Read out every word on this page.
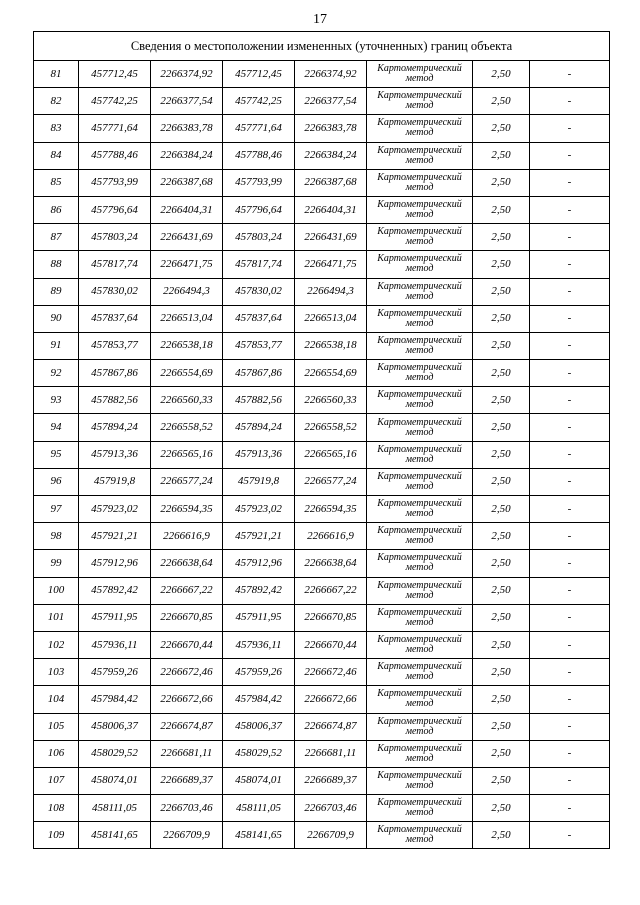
17
Сведения о местоположении измененных (уточненных) границ объекта							
81	457712,45	2266374,92	457712,45	2266374,92	Картометрический
метод	2,50	-
82	457742,25	2266377,54	457742,25	2266377,54	Картометрический
метод	2,50	-
83	457771,64	2266383,78	457771,64	2266383,78	Картометрический
метод	2,50	-
84	457788,46	2266384,24	457788,46	2266384,24	Картометрический
метод	2,50	-
85	457793,99	2266387,68	457793,99	2266387,68	Картометрический
метод	2,50	-
86	457796,64	2266404,31	457796,64	2266404,31	Картометрический
метод	2,50	-
87	457803,24	2266431,69	457803,24	2266431,69	Картометрический
метод	2,50	-
88	457817,74	2266471,75	457817,74	2266471,75	Картометрический
метод	2,50	-
89	457830,02	2266494,3	457830,02	2266494,3	Картометрический
метод	2,50	-
90	457837,64	2266513,04	457837,64	2266513,04	Картометрический
метод	2,50	-
91	457853,77	2266538,18	457853,77	2266538,18	Картометрический
метод	2,50	-
92	457867,86	2266554,69	457867,86	2266554,69	Картометрический
метод	2,50	-
93	457882,56	2266560,33	457882,56	2266560,33	Картометрический
метод	2,50	-
94	457894,24	2266558,52	457894,24	2266558,52	Картометрический
метод	2,50	-
95	457913,36	2266565,16	457913,36	2266565,16	Картометрический
метод	2,50	-
96	457919,8	2266577,24	457919,8	2266577,24	Картометрический
метод	2,50	-
97	457923,02	2266594,35	457923,02	2266594,35	Картометрический
метод	2,50	-
98	457921,21	2266616,9	457921,21	2266616,9	Картометрический
метод	2,50	-
99	457912,96	2266638,64	457912,96	2266638,64	Картометрический
метод	2,50	-
100	457892,42	2266667,22	457892,42	2266667,22	Картометрический
метод	2,50	-
101	457911,95	2266670,85	457911,95	2266670,85	Картометрический
метод	2,50	-
102	457936,11	2266670,44	457936,11	2266670,44	Картометрический
метод	2,50	-
103	457959,26	2266672,46	457959,26	2266672,46	Картометрический
метод	2,50	-
104	457984,42	2266672,66	457984,42	2266672,66	Картометрический
метод	2,50	-
105	458006,37	2266674,87	458006,37	2266674,87	Картометрический
метод	2,50	-
106	458029,52	2266681,11	458029,52	2266681,11	Картометрический
метод	2,50	-
107	458074,01	2266689,37	458074,01	2266689,37	Картометрический
метод	2,50	-
108	458111,05	2266703,46	458111,05	2266703,46	Картометрический
метод	2,50	-
109	458141,65	2266709,9	458141,65	2266709,9	Картометрический
метод	2,50	-
